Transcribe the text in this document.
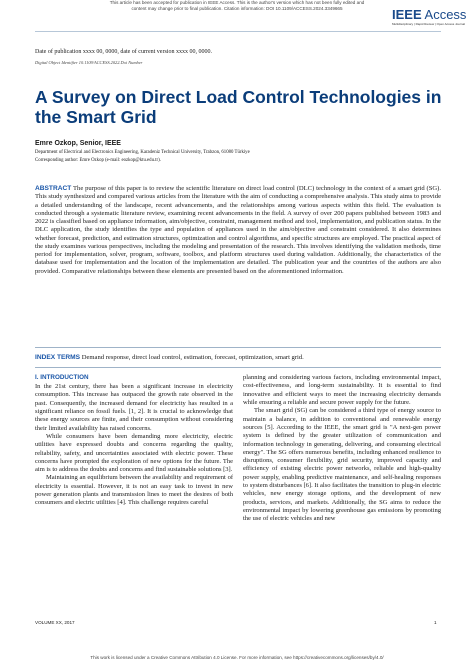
This article has been accepted for publication in IEEE Access. This is the author's version which has not been fully edited and
content may change prior to final publication. Citation information: DOI 10.1109/ACCESS.2024.3349665	IEEE Access
Multidisciplinary | Rapid Review | Open Access Journal
Date of publication xxxx 00, 0000, date of current version xxxx 00, 0000.
Digital Object Identifier 10.1109/ACCESS.2022.Doi Number
A Survey on Direct Load Control Technologies in the Smart Grid
Emre Ozkop, Senior, IEEE
Department of Electrical and Electronics Engineering, Karadeniz Technical University, Trabzon, 61080 Türkiye
Corresponding author: Emre Ozkop (e-mail: eozkop@ktu.edu.tr).

ABSTRACT The purpose of this paper is to review the scientific literature on direct load control (DLC) technology in the context of a smart grid (SG). This study synthesized and compared various articles from the literature with the aim of conducting a comprehensive analysis. This study aims to provide a detailed understanding of the landscape, recent advancements, and the relationships among various aspects within this field. The evaluation is conducted through a systematic literature review, examining recent advancements in the field. A survey of over 200 papers published between 1983 and 2022 is classified based on appliance information, aim/objective, constraint, management method and tool, implementation, and publication status. In the DLC application, the study identifies the type and population of appliances used in the aim/objective and constraint considered. It also determines whether forecast, prediction, and estimation structures, optimization and control algorithms, and specific structures are employed. The practical aspect of the study examines various perspectives, including the modeling and presentation of the research. This involves identifying the validation methods, time period for implementation, solver, program, software, toolbox, and platform structures used during validation. Additionally, the characteristics of the database used for implementation and the location of the implementation are detailed. The publication year and the countries of the authors are also provided. Comparative relationships between these elements are presented based on the aforementioned information.

INDEX TERMS Demand response, direct load control, estimation, forecast, optimization, smart grid.

I. INTRODUCTION

In the 21st century, there has been a significant increase in electricity consumption. This increase has outpaced the growth rate observed in the past. Consequently, the increased demand for electricity has resulted in a significant reliance on fossil fuels. [1, 2]. It is crucial to acknowledge that these energy sources are finite, and their consumption without considering their limited availability has raised concerns.

While consumers have been demanding more electricity, electric utilities have expressed doubts and concerns regarding the quality, reliability, safety, and uncertainties associated with electric power. These concerns have prompted the exploration of new options for the future. The aim is to address the doubts and concerns and find sustainable solutions [3].

Maintaining an equilibrium between the availability and requirement of electricity is essential. However, it is not an easy task to invest in new power generation plants and transmission lines to meet the desires of both consumers and electric utilities [4]. This challenge requires careful

planning and considering various factors, including environmental impact, cost-effectiveness, and long-term sustainability. It is essential to find innovative and efficient ways to meet the increasing electricity demands while ensuring a reliable and secure power supply for the future.

The smart grid (SG) can be considered a third type of energy source to maintain a balance, in addition to conventional and renewable energy sources [5]. According to the IEEE, the smart grid is "A next-gen power system is defined by the greater utilization of communication and information technology in generating, delivering, and consuming electrical energy". The SG offers numerous benefits, including enhanced resilience to disruptions, consumer flexibility, grid security, improved capacity and efficiency of existing electric power networks, reliable and high-quality power supply, enabling predictive maintenance, and self-healing responses to system disturbances [6]. It also facilitates the transition to plug-in electric vehicles, new energy storage options, and the development of new products, services, and markets. Additionally, the SG aims to reduce the environmental impact by lowering greenhouse gas emissions by promoting the use of electric vehicles and new

VOLUME XX, 2017	1
This work is licensed under a Creative Commons Attribution 4.0 License. For more information, see https://creativecommons.org/licenses/by/4.0/
